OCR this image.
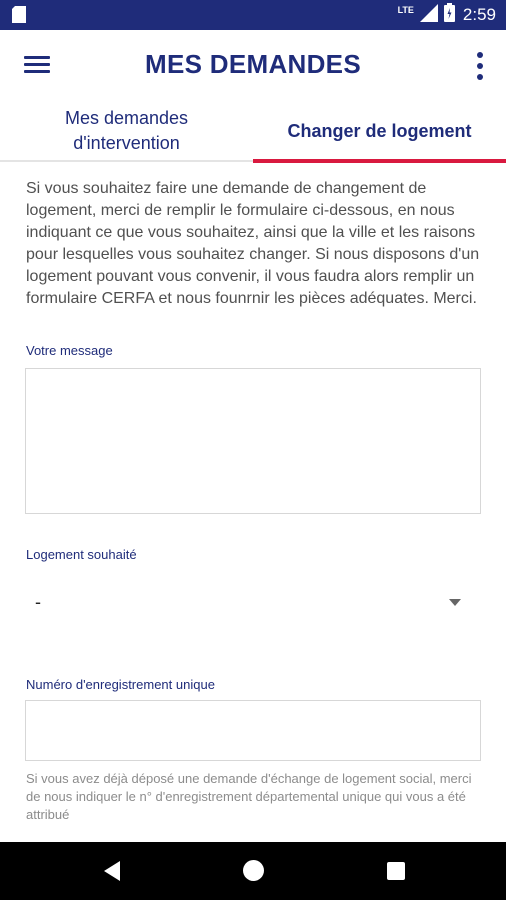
LTE	2:59
MES DEMANDES
Mes demandes d'intervention
Changer de logement

Si vous souhaitez faire une demande de changement de logement, merci de remplir le formulaire ci-dessous, en nous indiquant ce que vous souhaitez, ainsi que la ville et les raisons pour lesquelles vous souhaitez changer. Si nous disposons d'un logement pouvant vous convenir, il vous faudra alors remplir un formulaire CERFA et nous founrnir les pièces adéquates. Merci.

Votre message
Logement souhaité
-
Numéro d'enregistrement unique

Si vous avez déjà déposé une demande d'échange de logement social, merci de nous indiquer le n° d'enregistrement départemental unique qui vous a été attribué
